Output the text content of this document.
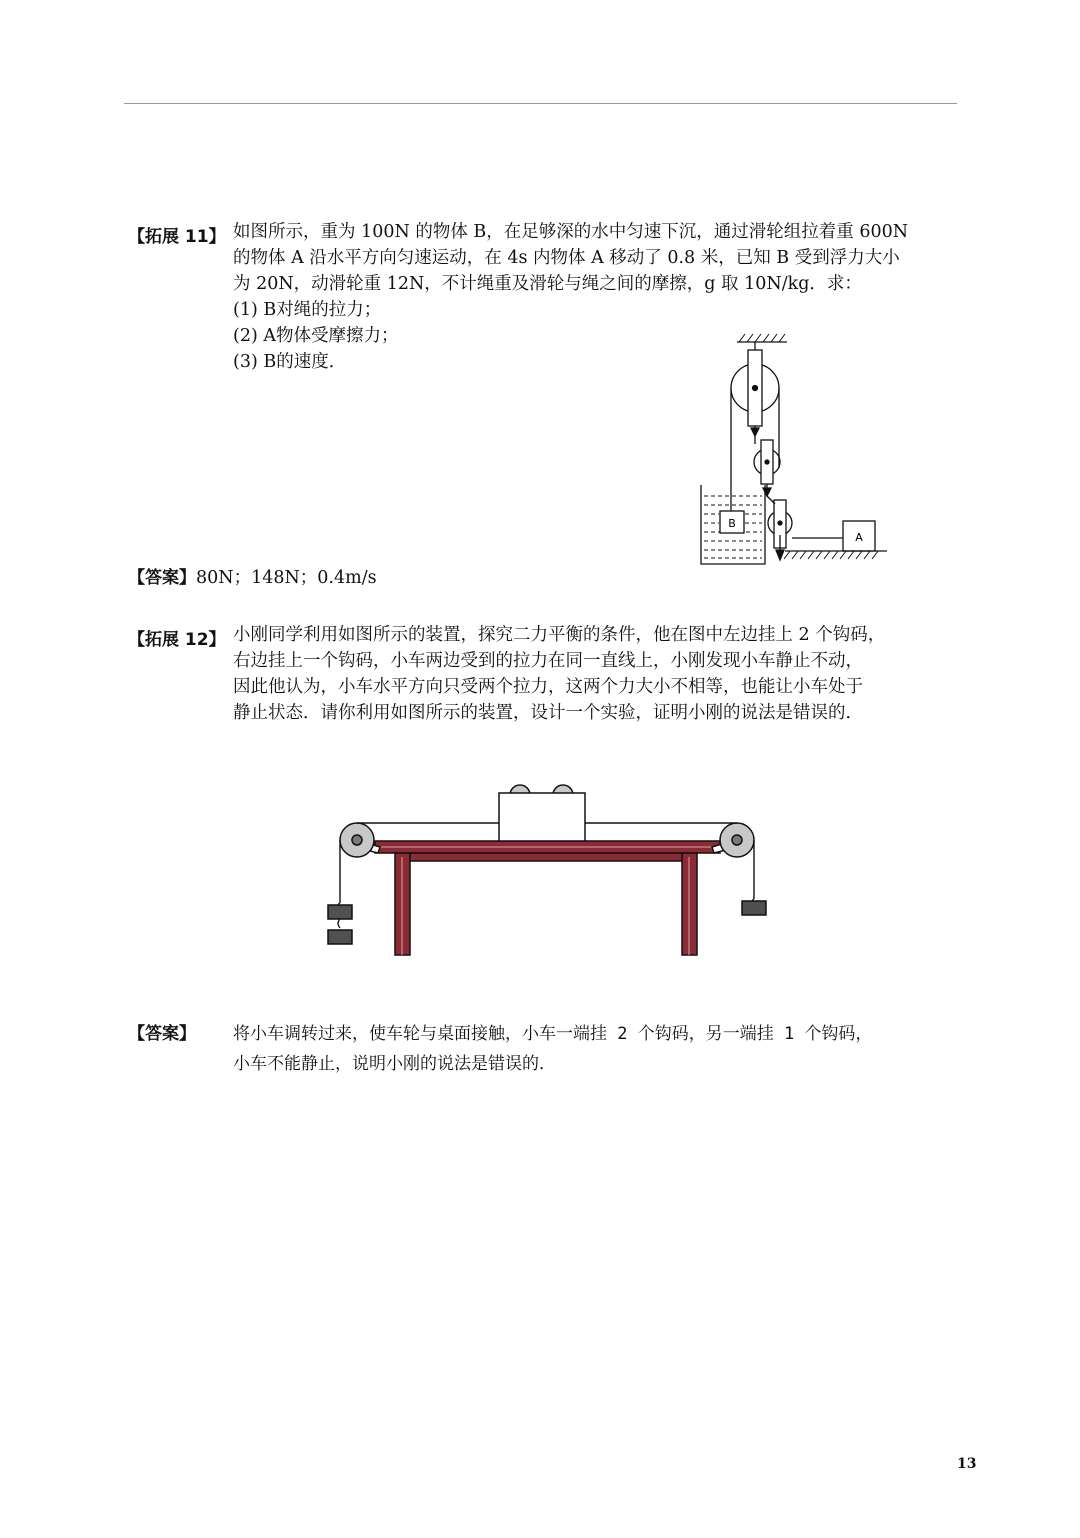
【拓展 11】 如图所示，重为 100N 的物体 B，在足够深的水中匀速下沉，通过滑轮组拉着重 600N
的物体 A 沿水平方向匀速运动，在 4s 内物体 A 移动了 0.8 米，已知 B 受到浮力大小
为 20N，动滑轮重 12N，不计绳重及滑轮与绳之间的摩擦，g 取 10N/kg．求：
(1) B对绳的拉力；
(2) A物体受摩擦力；
(3) B的速度．
B
A
【答案】80N；148N；0.4m/s
【拓展 12】 小刚同学利用如图所示的装置，探究二力平衡的条件，他在图中左边挂上 2 个钩码，
右边挂上一个钩码，小车两边受到的拉力在同一直线上，小刚发现小车静止不动，
因此他认为，小车水平方向只受两个拉力，这两个力大小不相等，也能让小车处于
静止状态．请你利用如图所示的装置，设计一个实验，证明小刚的说法是错误的．
【答案】 将小车调转过来，使车轮与桌面接触，小车一端挂 2 个钩码，另一端挂 1 个钩码，
小车不能静止，说明小刚的说法是错误的．
13
